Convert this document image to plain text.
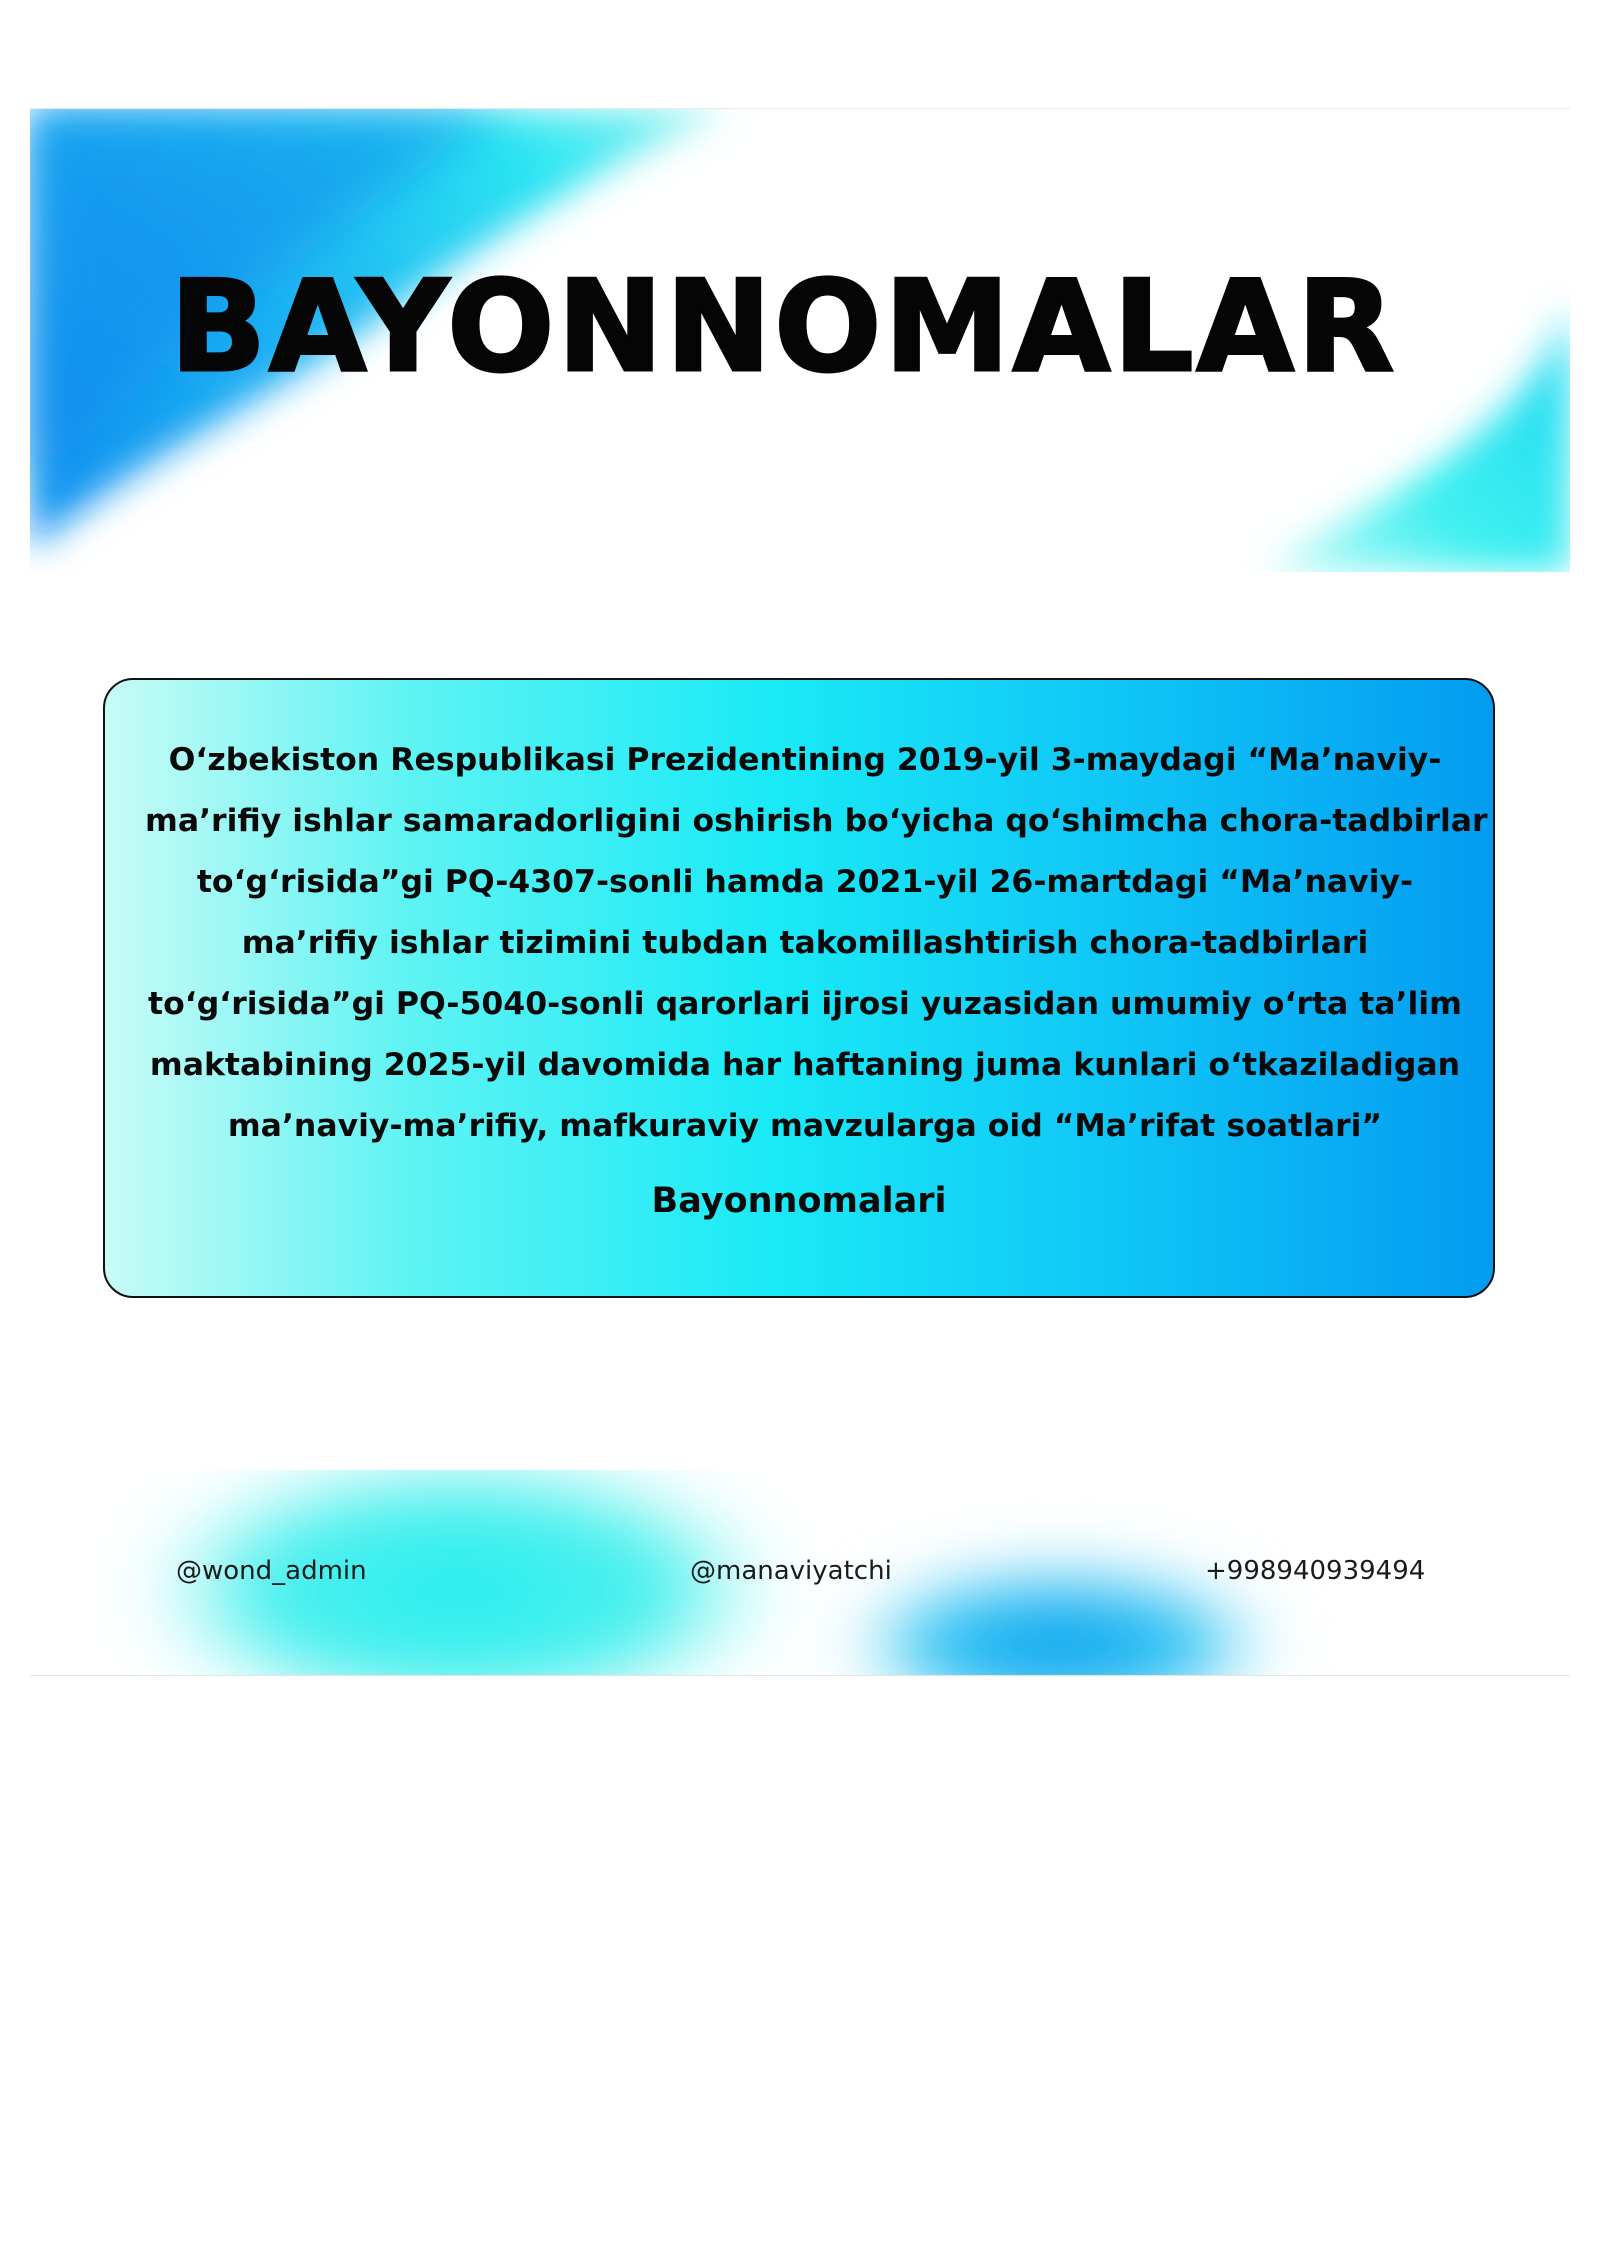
BAYONNOMALAR

O‘zbekiston Respublikasi Prezidentining 2019-yil 3-maydagi “Ma’naviy-
ma’rifiy ishlar samaradorligini oshirish bo‘yicha qo‘shimcha chora-tadbirlar
to‘g‘risida”gi PQ-4307-sonli hamda 2021-yil 26-martdagi “Ma’naviy-
ma’rifiy ishlar tizimini tubdan takomillashtirish chora-tadbirlari
to‘g‘risida”gi PQ-5040-sonli qarorlari ijrosi yuzasidan umumiy o‘rta ta’lim
maktabining 2025-yil davomida har haftaning juma kunlari o‘tkaziladigan
ma’naviy-ma’rifiy, mafkuraviy mavzularga oid “Ma’rifat soatlari”

Bayonnomalari

@wond_admin	@manaviyatchi	+998940939494
